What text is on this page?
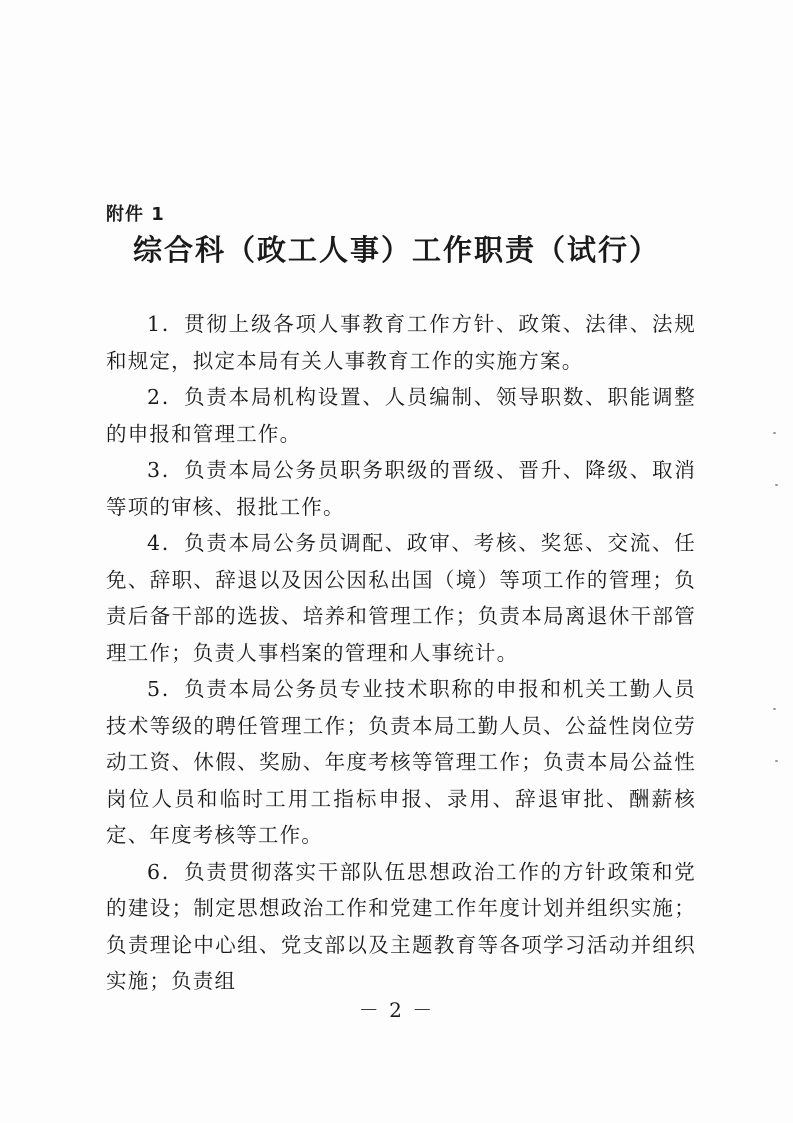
附件 1
综合科（政工人事）工作职责（试行）

1．贯彻上级各项人事教育工作方针、政策、法律、法规和规定，拟定本局有关人事教育工作的实施方案。

2．负责本局机构设置、人员编制、领导职数、职能调整的申报和管理工作。

3．负责本局公务员职务职级的晋级、晋升、降级、取消等项的审核、报批工作。

4．负责本局公务员调配、政审、考核、奖惩、交流、任免、辞职、辞退以及因公因私出国（境）等项工作的管理；负责后备干部的选拔、培养和管理工作；负责本局离退休干部管理工作；负责人事档案的管理和人事统计。

5．负责本局公务员专业技术职称的申报和机关工勤人员技术等级的聘任管理工作；负责本局工勤人员、公益性岗位劳动工资、休假、奖励、年度考核等管理工作；负责本局公益性岗位人员和临时工用工指标申报、录用、辞退审批、酬薪核定、年度考核等工作。

6．负责贯彻落实干部队伍思想政治工作的方针政策和党的建设；制定思想政治工作和党建工作年度计划并组织实施；负责理论中心组、党支部以及主题教育等各项学习活动并组织实施；负责组

－ 2 －
